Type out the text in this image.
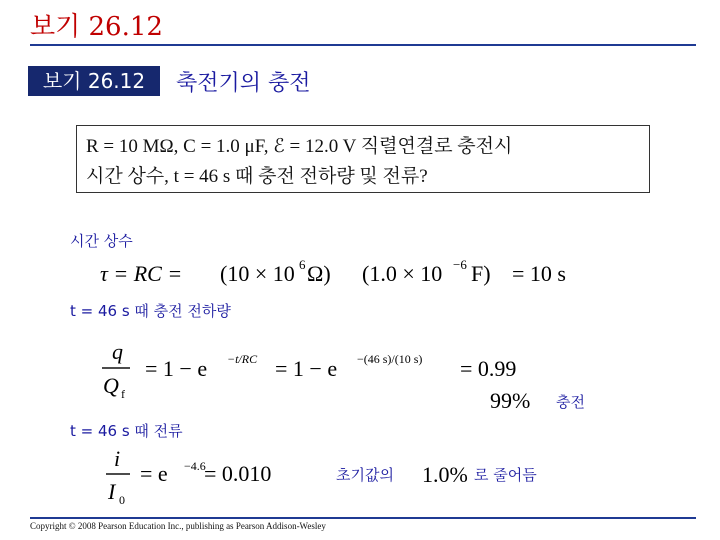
보기 26.12
보기 26.12	축전기의 충전
R = 10 MΩ, C = 1.0 μF, ℰ = 12.0 V 직렬연결로 충전시
시간 상수, t = 46 s 때 충전 전하량 및 전류?
시간 상수
τ = RC = (10 × 10 6 Ω) (1.0 × 10 −6 F) = 10 s
t = 46 s 때 충전 전하량
q
Q f
= 1 − e −t/RC = 1 − e −(46 s)/(10 s) = 0.99
99% 충전
t = 46 s 때 전류
i
I 0
= e −4.6
= 0.010	초기값의 1.0% 로 줄어듬
Copyright © 2008 Pearson Education Inc., publishing as Pearson Addison-Wesley
